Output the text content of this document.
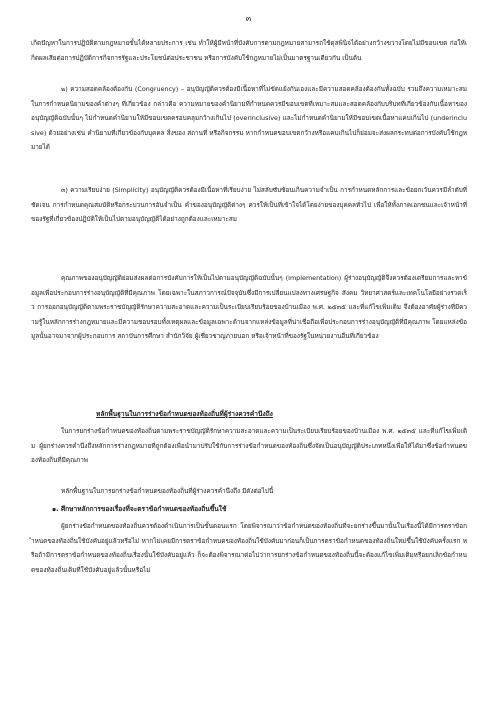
๓
เกิดปัญหาในการปฏิบัติตามกฎหมายขั้นได้หลายประการ เช่น ทำให้ผู้มีหน้าที่บังคับการตามกฎหมายสามารถใช้ดุลพินิจได้อย่างกว้างขวางโดยไม่มีขอบเขต ก่อให้เกิดผลเสียต่อการปฏิบัติการกิจการรัฐและประโยชน์ต่อประชาชน หรือการบังคับใช้กฎหมายไม่เป็นมาตรฐานเดียวกัน เป็นต้น
๒) ความสอดคล้องต้องกัน (Congruency) – อนุบัญญัติควรต้องมีเนื้อหาที่ไม่ขัดแย้งกันเองและมีความสอดคล้องต้องกันทั้งฉบับ รวมถึงความเหมาะสมในการกำหนดนิยามของคำต่างๆ ที่เกี่ยวข้อง กล่าวคือ ความหมายของคำนิยามที่กำหนดควรมีขอบเขตที่เหมาะสมและสอดคล้องกับบริบทที่เกี่ยวข้องกับเนื้อหาของอนุบัญญัติฉบับนั้นๆ ไม่กำหนดคำนิยามให้มีขอบเขตครอบคลุมกว้างเกินไป (overinclusive) และไม่กำหนดคำนิยามให้มีขอบเขตเนื้อหาแคบเกินไป (underinclusive) ด้วยอย่างเช่น คำนิยามที่เกี่ยวข้องกับบุคคล สิ่งของ สถานที่ หรือกิจกรรม หากกำหนดขอบเขตกว้างหรือแคบเกินไปก็ย่อมจะส่งผลกระทบต่อการบังคับใช้กฎหมายได้
๓) ความเรียบง่าย (Simplicity) อนุบัญญัติควรต้องมีเนื้อหาที่เรียบง่าย ไม่สลับซับซ้อนเกินความจำเป็น การกำหนดหลักการและข้อยกเว้นควรมีลำดับที่ชัดเจน การกำหนดคุณสมบัติหรือกระบวนการอันจำเป็น คำของอนุบัญญัติต่างๆ ควรให้เป็นที่เข้าใจได้โดยง่ายของบุคคลทั่วไป เพื่อให้ทั้งภาคเอกชนและเจ้าหน้าที่ของรัฐที่เกี่ยวข้องปฏิบัติให้เป็นไปตามอนุบัญญัติได้อย่างถูกต้องและเหมาะสม
คุณภาพของอนุบัญญัติย่อมส่งผลต่อการบังคับการให้เป็นไปตามอนุบัญญัติฉบับนั้นๆ (implementation) ผู้ร่างอนุบัญญัติจึงควรต้องเตรียมการและหาข้อมูลเพื่อประกอบการร่างอนุบัญญัติที่มีคุณภาพ โดยเฉพาะในสภาวการณ์ปัจจุบันซึ่งมีการเปลี่ยนแปลงทางเศรษฐกิจ สังคม วิทยาศาสตร์และเทคโนโลยีอย่างรวดเร็ว การออกอนุบัญญัติตามพระราชบัญญัติรักษาความสะอาดและความเป็นระเบียบเรียบร้อยของบ้านเมือง พ.ศ. ๒๕๓๕ และที่แก้ไขเพิ่มเติม จึงต้องอาศัยผู้ร่างที่มีความรู้ในหลักการร่างกฎหมายและมีความชอบรอบทั้งเหตุผลและข้อมูลเฉพาะด้านจากแหล่งข้อมูลที่น่าเชื่อถือเพื่อประกอบการร่างอนุบัญญัติที่มีคุณภาพ โดยแหล่งข้อมูลนั้นอาจมาจากผู้ประกอบการ สถาบันการศึกษา สำนักวิจัย ผู้เชี่ยวชาญภายนอก หรือเจ้าหน้าที่ของรัฐในหน่วยงานอื่นที่เกี่ยวข้อง
หลักพื้นฐานในการร่างข้อกำหนดของท้องถิ่นที่ผู้ร่างควรคำนึงถึง
ในการยกร่างข้อกำหนดของท้องถิ่นตามพระราชบัญญัติรักษาความสะอาดและความเป็นระเบียบเรียบร้อยของบ้านเมือง พ.ศ. ๒๕๓๕ และที่แก้ไขเพิ่มเติม ผู้ยกร่างควรคำนึงถึงหลักการร่างกฎหมายที่ถูกต้องเพื่อนำมาปรับใช้กับการร่างข้อกำหนดของท้องถิ่นซึ่งจัดเป็นอนุบัญญัติประเภทหนึ่งเพื่อให้ได้มาซึ่งข้อกำหนดของท้องถิ่นที่มีคุณภาพ
หลักพื้นฐานในการยกร่างข้อกำหนดของท้องถิ่นที่ผู้ร่างควรคำนึงถึง มีดังต่อไปนี้
๑. ศึกษาหลักการของเรื่องที่จะตราข้อกำหนดของท้องถิ่นขึ้นใช้
ผู้ยกร่างข้อกำหนดของท้องถิ่นควรต้องดำเนินการเป็นขั้นตอนแรก โดยพิจารณาว่าข้อกำหนดของท้องถิ่นที่จะยกร่างขึ้นมานั้นในเรื่องนี้ได้มีการตราข้อกำหนดของท้องถิ่นใช้บังคับอยู่แล้วหรือไม่ หากไม่เคยมีการตราข้อกำหนดของท้องถิ่นใช้บังคับมาก่อนก็เป็นการตราข้อกำหนดของท้องถิ่นใหม่ขึ้นใช้บังคับครั้งแรก หรือถ้ามีการตราข้อกำหนดของท้องถิ่นเรื่องนั้นใช้บังคับอยู่แล้ว ก็จะต้องพิจารณาต่อไปว่าการยกร่างข้อกำหนดของท้องถิ่นนี้จะต้องแก้ไขเพิ่มเติมหรือยกเลิกข้อกำหนดของท้องถิ่นเดิมที่ใช้บังคับอยู่แล้วนั้นหรือไม่
